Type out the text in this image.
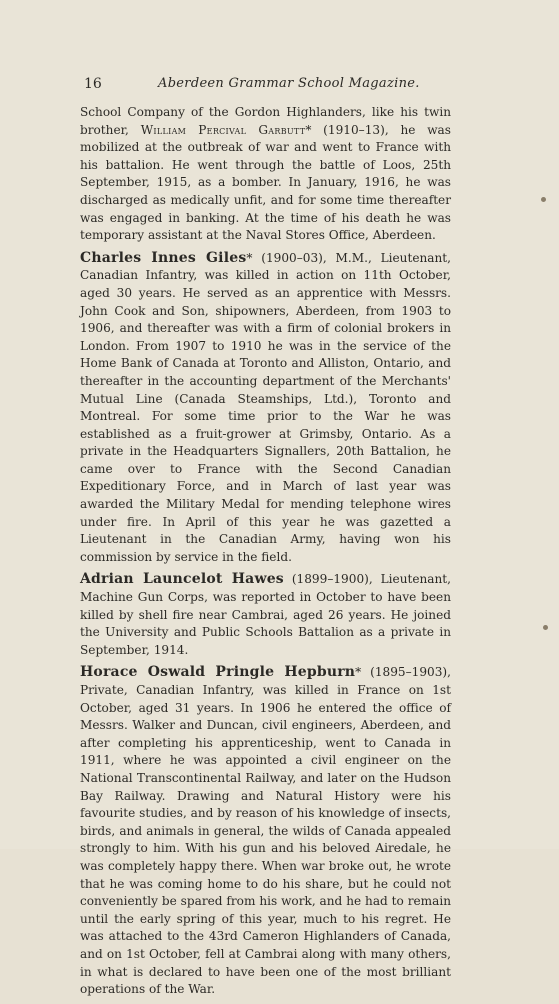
16	Aberdeen Grammar School Magazine.

School Company of the Gordon Highlanders, like his twin brother, William Percival Garbutt* (1910–13), he was mobilized at the outbreak of war and went to France with his battalion. He went through the battle of Loos, 25th September, 1915, as a bomber. In January, 1916, he was discharged as medically unfit, and for some time thereafter was engaged in banking. At the time of his death he was temporary assistant at the Naval Stores Office, Aberdeen.

Charles Innes Giles* (1900–03), M.M., Lieutenant, Canadian Infantry, was killed in action on 11th October, aged 30 years. He served as an apprentice with Messrs. John Cook and Son, shipowners, Aberdeen, from 1903 to 1906, and thereafter was with a firm of colonial brokers in London. From 1907 to 1910 he was in the service of the Home Bank of Canada at Toronto and Alliston, Ontario, and thereafter in the accounting department of the Merchants' Mutual Line (Canada Steamships, Ltd.), Toronto and Montreal. For some time prior to the War he was established as a fruit-grower at Grimsby, Ontario. As a private in the Headquarters Signallers, 20th Battalion, he came over to France with the Second Canadian Expeditionary Force, and in March of last year was awarded the Military Medal for mending telephone wires under fire. In April of this year he was gazetted a Lieutenant in the Canadian Army, having won his commission by service in the field.

Adrian Launcelot Hawes (1899–1900), Lieutenant, Machine Gun Corps, was reported in October to have been killed by shell fire near Cambrai, aged 26 years. He joined the University and Public Schools Battalion as a private in September, 1914.

Horace Oswald Pringle Hepburn* (1895–1903), Private, Canadian Infantry, was killed in France on 1st October, aged 31 years. In 1906 he entered the office of Messrs. Walker and Duncan, civil engineers, Aberdeen, and after completing his apprenticeship, went to Canada in 1911, where he was appointed a civil engineer on the National Transcontinental Railway, and later on the Hudson Bay Railway. Drawing and Natural History were his favourite studies, and by reason of his knowledge of insects, birds, and animals in general, the wilds of Canada appealed strongly to him. With his gun and his beloved Airedale, he was completely happy there. When war broke out, he wrote that he was coming home to do his share, but he could not conveniently be spared from his work, and he had to remain until the early spring of this year, much to his regret. He was attached to the 43rd Cameron Highlanders of Canada, and on 1st October, fell at Cambrai along with many others, in what is declared to have been one of the most brilliant operations of the War.
